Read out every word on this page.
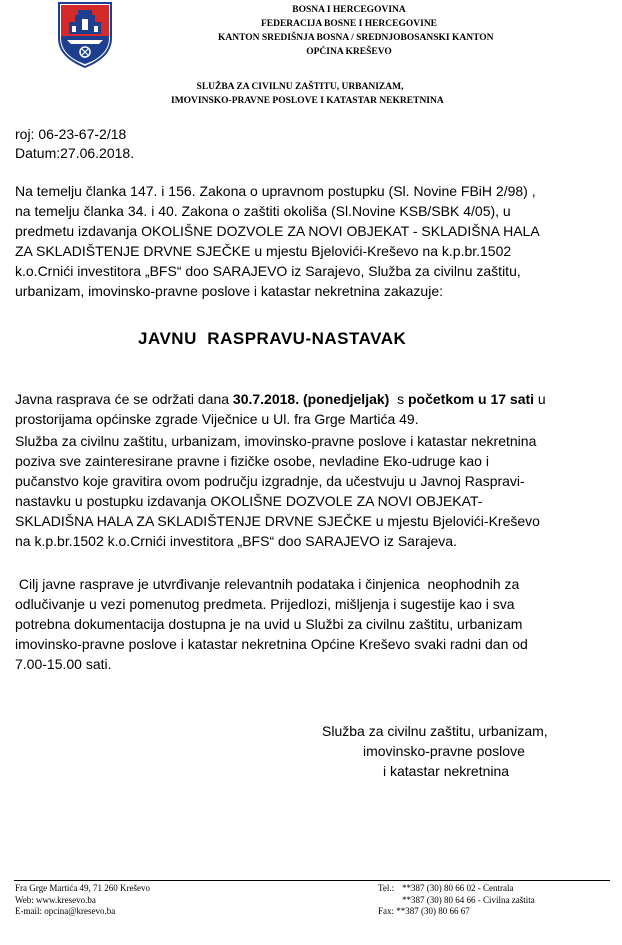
BOSNA I HERCEGOVINA
FEDERACIJA BOSNE I HERCEGOVINE
KANTON SREDIŠNJA BOSNA / SREDNJOBOSANSKI KANTON
OPĆINA KREŠEVO
SLUŽBA ZA CIVILNU ZAŠTITU, URBANIZAM,
IMOVINSKO-PRAVNE POSLOVE I KATASTAR NEKRETNINA
roj: 06-23-67-2/18
Datum:27.06.2018.
Na temelju članka 147. i 156. Zakona o upravnom postupku (Sl. Novine FBiH 2/98) ,
na temelju članka 34. i 40. Zakona o zaštiti okoliša (Sl.Novine KSB/SBK 4/05), u
predmetu izdavanja OKOLIŠNE DOZVOLE ZA NOVI OBJEKAT - SKLADIŠNA HALA
ZA SKLADIŠTENJE DRVNE SJEČKE u mjestu Bjelovići-Kreševo na k.p.br.1502
k.o.Crnići investitora „BFS“ doo SARAJEVO iz Sarajevo, Služba za civilnu zaštitu,
urbanizam, imovinsko-pravne poslove i katastar nekretnina zakazuje:
JAVNU  RASPRAVU-NASTAVAK
Javna rasprava će se održati dana 30.7.2018. (ponedjeljak)  s početkom u 17 sati u
prostorijama općinske zgrade Viječnice u Ul. fra Grge Martića 49.
Služba za civilnu zaštitu, urbanizam, imovinsko-pravne poslove i katastar nekretnina
poziva sve zainteresirane pravne i fizičke osobe, nevladine Eko-udruge kao i
pučanstvo koje gravitira ovom području izgradnje, da učestvuju u Javnoj Raspravi-
nastavku u postupku izdavanja OKOLIŠNE DOZVOLE ZA NOVI OBJEKAT-
SKLADIŠNA HALA ZA SKLADIŠTENJE DRVNE SJEČKE u mjestu Bjelovići-Kreševo
na k.p.br.1502 k.o.Crnići investitora „BFS“ doo SARAJEVO iz Sarajeva.
Cilj javne rasprave je utvrđivanje relevantnih podataka i činjenica  neophodnih za
odlučivanje u vezi pomenutog predmeta. Prijedlozi, mišljenja i sugestije kao i sva
potrebna dokumentacija dostupna je na uvid u Službi za civilnu zaštitu, urbanizam
imovinsko-pravne poslove i katastar nekretnina Općine Kreševo svaki radni dan od
7.00-15.00 sati.
Služba za civilnu zaštitu, urbanizam,
imovinsko-pravne poslove
i katastar nekretnina
Fra Grge Martića 49, 71 260 Kreševo
Web: www.kresevo.ba
E-mail: opcina@kresevo.ba
Tel.: **387 (30) 80 66 02 - Centrala
**387 (30) 80 64 66 - Civilna zaštita
Fax: **387 (30) 80 66 67
